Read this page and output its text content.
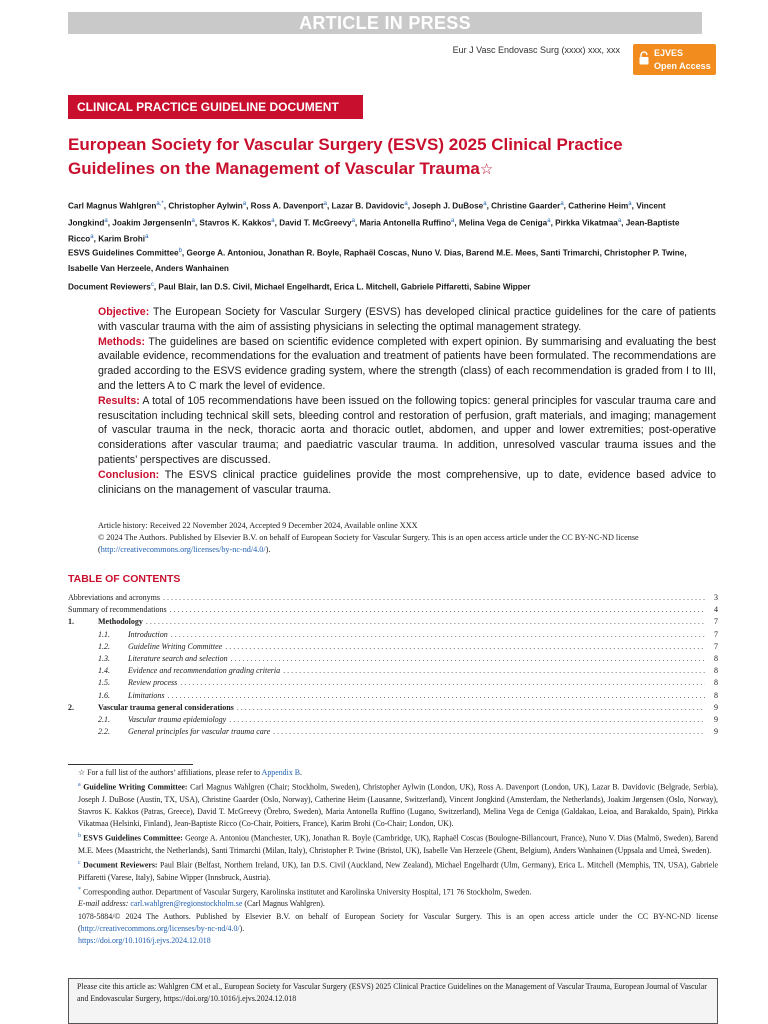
ARTICLE IN PRESS
Eur J Vasc Endovasc Surg (xxxx) xxx, xxx	EJVES
Open Access
CLINICAL PRACTICE GUIDELINE DOCUMENT
European Society for Vascular Surgery (ESVS) 2025 Clinical Practice Guidelines on the Management of Vascular Trauma☆
Carl Magnus Wahlgren$^{a,*}$, Christopher Aylwin$^a$, Ross A. Davenport$^a$, Lazar B. Davidovic$^a$, Joseph J. DuBose$^a$, Christine Gaarder$^a$, Catherine Heim$^a$, Vincent Jongkind$^a$, Joakim Jørgensenln$^a$, Stavros K. Kakkos$^a$, David T. McGreevy$^a$, Maria Antonella Ruffino$^a$, Melina Vega de Ceniga$^a$, Pirkka Vikatmaa$^a$, Jean-Baptiste Ricco$^a$, Karim Brohi$^a$
ESVS Guidelines Committee$^b$, George A. Antoniou, Jonathan R. Boyle, Raphaël Coscas, Nuno V. Dias, Barend M.E. Mees, Santi Trimarchi, Christopher P. Twine, Isabelle Van Herzeele, Anders Wanhainen
Document Reviewers$^c$, Paul Blair, Ian D.S. Civil, Michael Engelhardt, Erica L. Mitchell, Gabriele Piffaretti, Sabine Wipper

Objective: The European Society for Vascular Surgery (ESVS) has developed clinical practice guidelines for the care of patients with vascular trauma with the aim of assisting physicians in selecting the optimal management strategy.

Methods: The guidelines are based on scientific evidence completed with expert opinion. By summarising and evaluating the best available evidence, recommendations for the evaluation and treatment of patients have been formulated. The recommendations are graded according to the ESVS evidence grading system, where the strength (class) of each recommendation is graded from I to III, and the letters A to C mark the level of evidence.

Results: A total of 105 recommendations have been issued on the following topics: general principles for vascular trauma care and resuscitation including technical skill sets, bleeding control and restoration of perfusion, graft materials, and imaging; management of vascular trauma in the neck, thoracic aorta and thoracic outlet, abdomen, and upper and lower extremities; post-operative considerations after vascular trauma; and paediatric vascular trauma. In addition, unresolved vascular trauma issues and the patients’ perspectives are discussed.

Conclusion: The ESVS clinical practice guidelines provide the most comprehensive, up to date, evidence based advice to clinicians on the management of vascular trauma.

Article history: Received 22 November 2024, Accepted 9 December 2024, Available online XXX
© 2024 The Authors. Published by Elsevier B.V. on behalf of European Society for Vascular Surgery. This is an open access article under the CC BY-NC-ND license (http://creativecommons.org/licenses/by-nc-nd/4.0/).
TABLE OF CONTENTS
Abbreviations and acronyms . . .	3
Summary of recommendations . . .	4
1.	Methodology . . .	7
1.1.	Introduction . . .	7
1.2.	Guideline Writing Committee . . .	7
1.3.	Literature search and selection . . .	8
1.4.	Evidence and recommendation grading criteria . . .	8
1.5.	Review process . . .	8
1.6.	Limitations . . .	8
2.	Vascular trauma general considerations . . .	9
2.1.	Vascular trauma epidemiology . . .	9
2.2.	General principles for vascular trauma care . . .	9

☆ For a full list of the authors’ affiliations, please refer to Appendix B.

$^a$ Guideline Writing Committee: Carl Magnus Wahlgren (Chair; Stockholm, Sweden), Christopher Aylwin (London, UK), Ross A. Davenport (London, UK), Lazar B. Davidovic (Belgrade, Serbia), Joseph J. DuBose (Austin, TX, USA), Christine Gaarder (Oslo, Norway), Catherine Heim (Lausanne, Switzerland), Vincent Jongkind (Amsterdam, the Netherlands), Joakim Jørgensen (Oslo, Norway), Stavros K. Kakkos (Patras, Greece), David T. McGreevy (Örebro, Sweden), Maria Antonella Ruffino (Lugano, Switzerland), Melina Vega de Ceniga (Galdakao, Leioa, and Barakaldo, Spain), Pirkka Vikatmaa (Helsinki, Finland), Jean-Baptiste Ricco (Co-Chair, Poitiers, France), Karim Brohi (Co-Chair; London, UK).

$^b$ ESVS Guidelines Committee: George A. Antoniou (Manchester, UK), Jonathan R. Boyle (Cambridge, UK), Raphaël Coscas (Boulogne-Billancourt, France), Nuno V. Dias (Malmö, Sweden), Barend M.E. Mees (Maastricht, the Netherlands), Santi Trimarchi (Milan, Italy), Christopher P. Twine (Bristol, UK), Isabelle Van Herzeele (Ghent, Belgium), Anders Wanhainen (Uppsala and Umeå, Sweden).

$^c$ Document Reviewers: Paul Blair (Belfast, Northern Ireland, UK), Ian D.S. Civil (Auckland, New Zealand), Michael Engelhardt (Ulm, Germany), Erica L. Mitchell (Memphis, TN, USA), Gabriele Piffaretti (Varese, Italy), Sabine Wipper (Innsbruck, Austria).

* Corresponding author. Department of Vascular Surgery, Karolinska institutet and Karolinska University Hospital, 171 76 Stockholm, Sweden.

E-mail address: carl.wahlgren@regionstockholm.se (Carl Magnus Wahlgren).

1078-5884/© 2024 The Authors. Published by Elsevier B.V. on behalf of European Society for Vascular Surgery. This is an open access article under the CC BY-NC-ND license (http://creativecommons.org/licenses/by-nc-nd/4.0/).

https://doi.org/10.1016/j.ejvs.2024.12.018

Please cite this article as: Wahlgren CM et al., European Society for Vascular Surgery (ESVS) 2025 Clinical Practice Guidelines on the Management of Vascular Trauma, European Journal of Vascular and Endovascular Surgery, https://doi.org/10.1016/j.ejvs.2024.12.018
